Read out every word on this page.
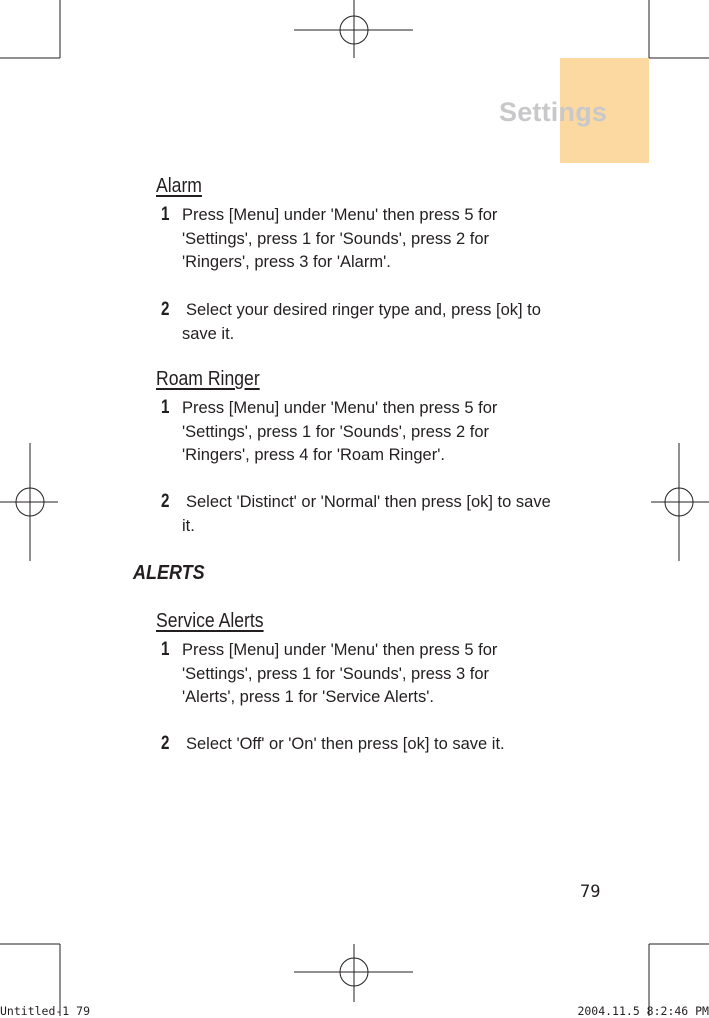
Settings
Alarm
1 Press [Menu] under 'Menu' then press 5 for
'Settings', press 1 for 'Sounds', press 2 for
'Ringers', press 3 for 'Alarm'.
2 Select your desired ringer type and, press [ok] to
save it.
Roam Ringer
1 Press [Menu] under 'Menu' then press 5 for
'Settings', press 1 for 'Sounds', press 2 for
'Ringers', press 4 for 'Roam Ringer'.
2 Select 'Distinct' or 'Normal' then press [ok] to save
it.
ALERTS
Service Alerts
1 Press [Menu] under 'Menu' then press 5 for
'Settings', press 1 for 'Sounds', press 3 for
'Alerts', press 1 for 'Service Alerts'.
2 Select 'Off' or 'On' then press [ok] to save it.
79
Untitled-1 79	2004.11.5 8:2:46 PM
